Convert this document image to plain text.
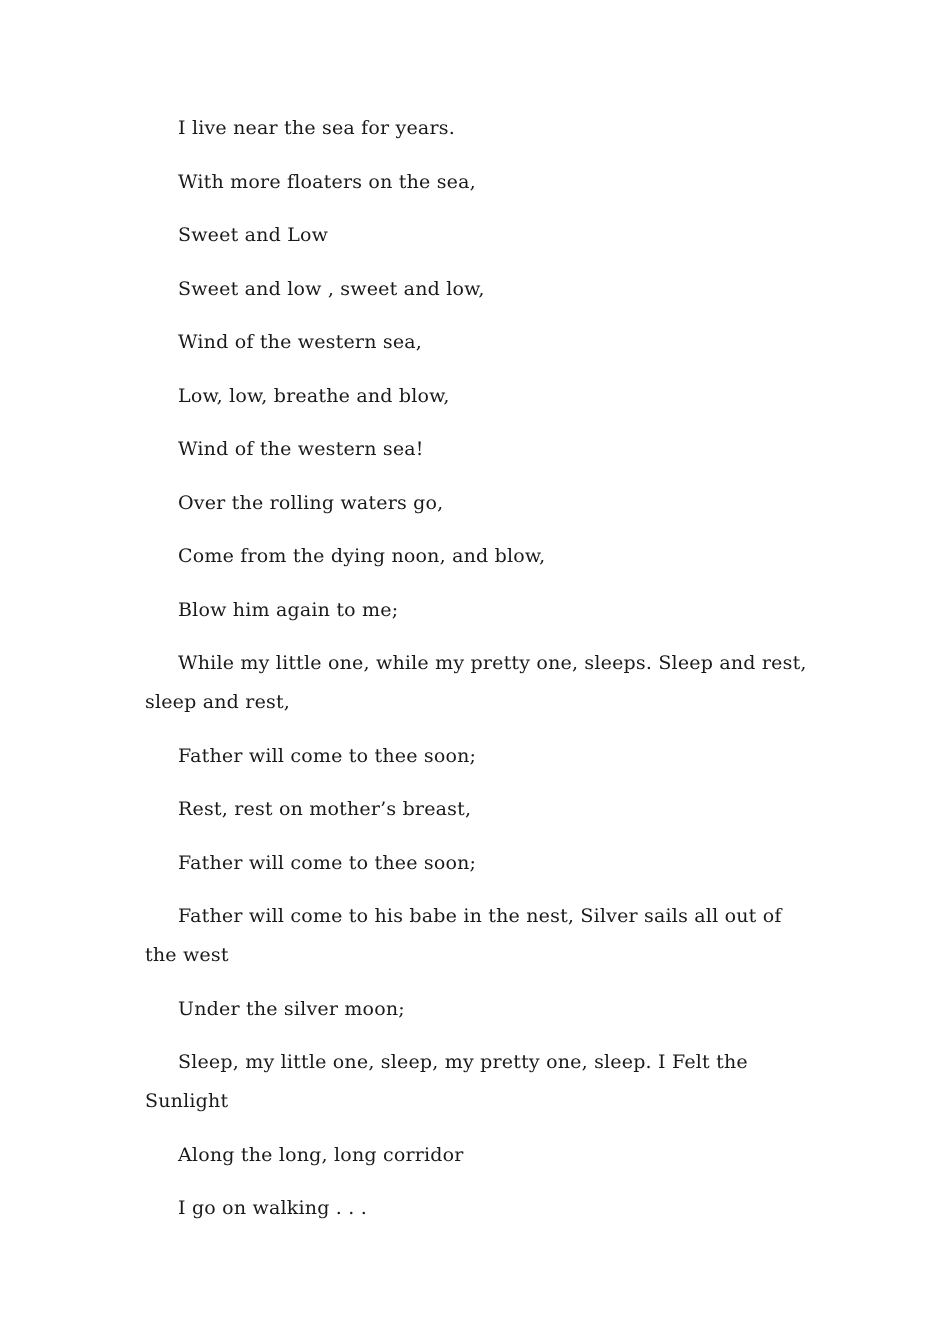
I live near the sea for years.

With more floaters on the sea,

Sweet and Low

Sweet and low , sweet and low,

Wind of the western sea,

Low, low, breathe and blow,

Wind of the western sea!

Over the rolling waters go,

Come from the dying noon, and blow,

Blow him again to me;

While my little one, while my pretty one, sleeps. Sleep and rest, sleep and rest,

Father will come to thee soon;

Rest, rest on mother’s breast,

Father will come to thee soon;

Father will come to his babe in the nest, Silver sails all out of the west

Under the silver moon;

Sleep, my little one, sleep, my pretty one, sleep. I Felt the Sunlight

Along the long, long corridor

I go on walking . . .
